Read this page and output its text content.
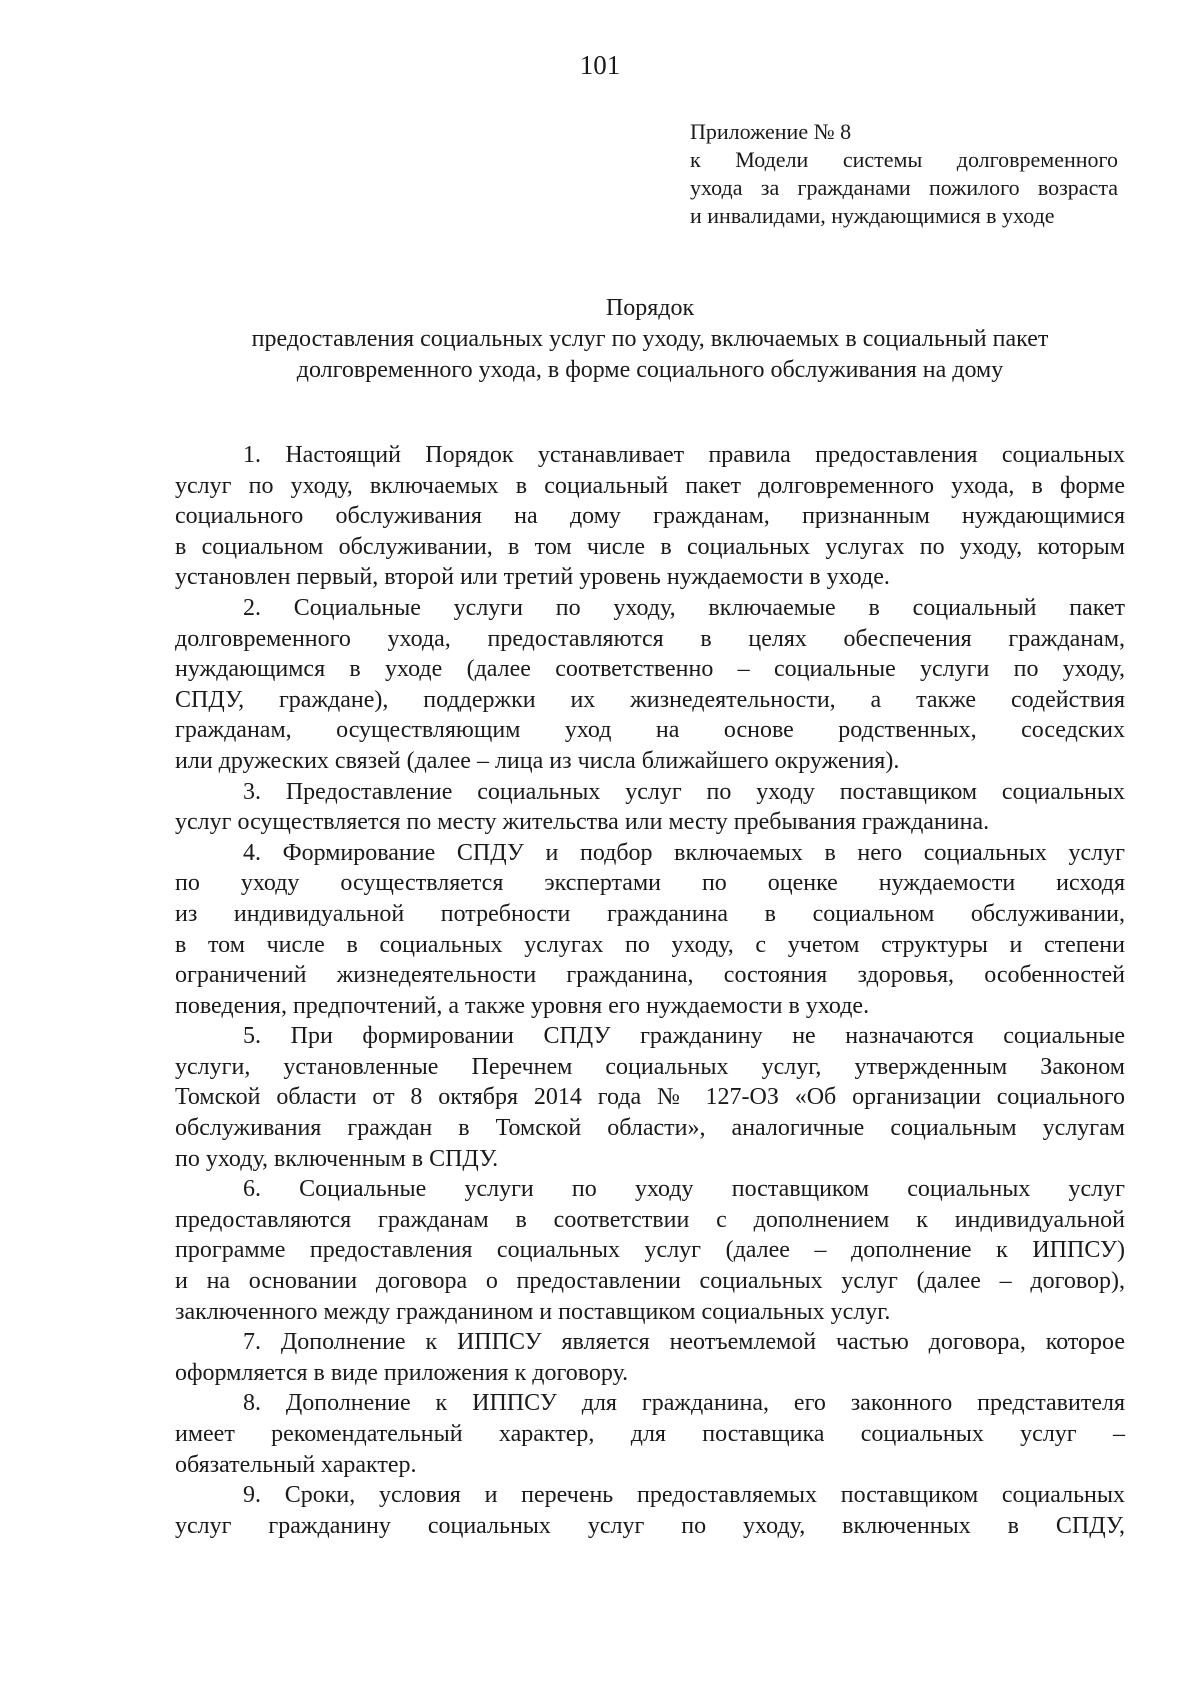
101
Приложение № 8
к Модели системы долговременного
ухода за гражданами пожилого возраста
и инвалидами, нуждающимися в уходе
Порядок
предоставления социальных услуг по уходу, включаемых в социальный пакет
долговременного ухода, в форме социального обслуживания на дому
1. Настоящий Порядок устанавливает правила предоставления социальных
услуг по уходу, включаемых в социальный пакет долговременного ухода, в форме
социального обслуживания на дому гражданам, признанным нуждающимися
в социальном обслуживании, в том числе в социальных услугах по уходу, которым
установлен первый, второй или третий уровень нуждаемости в уходе.
2. Социальные услуги по уходу, включаемые в социальный пакет
долговременного ухода, предоставляются в целях обеспечения гражданам,
нуждающимся в уходе (далее соответственно – социальные услуги по уходу,
СПДУ, граждане), поддержки их жизнедеятельности, а также содействия
гражданам, осуществляющим уход на основе родственных, соседских
или дружеских связей (далее – лица из числа ближайшего окружения).
3. Предоставление социальных услуг по уходу поставщиком социальных
услуг осуществляется по месту жительства или месту пребывания гражданина.
4. Формирование СПДУ и подбор включаемых в него социальных услуг
по уходу осуществляется экспертами по оценке нуждаемости исходя
из индивидуальной потребности гражданина в социальном обслуживании,
в том числе в социальных услугах по уходу, с учетом структуры и степени
ограничений жизнедеятельности гражданина, состояния здоровья, особенностей
поведения, предпочтений, а также уровня его нуждаемости в уходе.
5. При формировании СПДУ гражданину не назначаются социальные
услуги, установленные Перечнем социальных услуг, утвержденным Законом
Томской области от 8 октября 2014 года № 127-ОЗ «Об организации социального
обслуживания граждан в Томской области», аналогичные социальным услугам
по уходу, включенным в СПДУ.
6. Социальные услуги по уходу поставщиком социальных услуг
предоставляются гражданам в соответствии с дополнением к индивидуальной
программе предоставления социальных услуг (далее – дополнение к ИППСУ)
и на основании договора о предоставлении социальных услуг (далее – договор),
заключенного между гражданином и поставщиком социальных услуг.
7. Дополнение к ИППСУ является неотъемлемой частью договора, которое
оформляется в виде приложения к договору.
8. Дополнение к ИППСУ для гражданина, его законного представителя
имеет рекомендательный характер, для поставщика социальных услуг –
обязательный характер.
9. Сроки, условия и перечень предоставляемых поставщиком социальных
услуг гражданину социальных услуг по уходу, включенных в СПДУ,
